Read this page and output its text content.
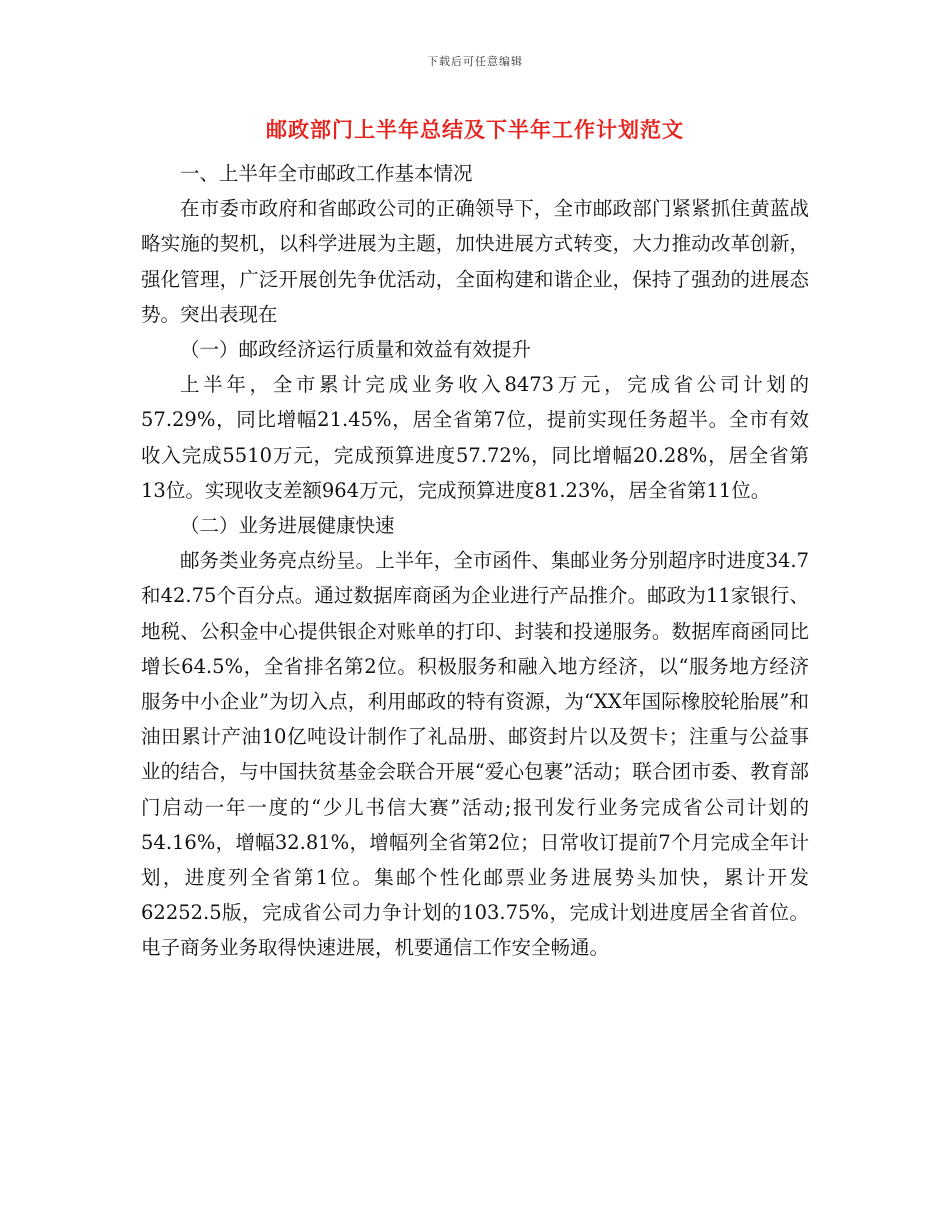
下载后可任意编辑
邮政部门上半年总结及下半年工作计划范文

一、上半年全市邮政工作基本情况

在市委市政府和省邮政公司的正确领导下，全市邮政部门紧紧抓住黄蓝战略实施的契机，以科学进展为主题，加快进展方式转变，大力推动改革创新，强化管理，广泛开展创先争优活动，全面构建和谐企业，保持了强劲的进展态势。突出表现在

（一）邮政经济运行质量和效益有效提升

上半年，全市累计完成业务收入8473万元，完成省公司计划的57.29%，同比增幅21.45%，居全省第7位，提前实现任务超半。全市有效收入完成5510万元，完成预算进度57.72%，同比增幅20.28%，居全省第13位。实现收支差额964万元，完成预算进度81.23%，居全省第11位。

（二）业务进展健康快速

邮务类业务亮点纷呈。上半年，全市函件、集邮业务分别超序时进度34.7和42.75个百分点。通过数据库商函为企业进行产品推介。邮政为11家银行、地税、公积金中心提供银企对账单的打印、封装和投递服务。数据库商函同比增长64.5%，全省排名第2位。积极服务和融入地方经济，以“服务地方经济服务中小企业”为切入点，利用邮政的特有资源，为“XX年国际橡胶轮胎展”和油田累计产油10亿吨设计制作了礼品册、邮资封片以及贺卡；注重与公益事业的结合，与中国扶贫基金会联合开展“爱心包裹”活动；联合团市委、教育部门启动一年一度的“少儿书信大赛”活动;报刊发行业务完成省公司计划的54.16%，增幅32.81%，增幅列全省第2位；日常收订提前7个月完成全年计划，进度列全省第1位。集邮个性化邮票业务进展势头加快，累计开发62252.5版，完成省公司力争计划的103.75%，完成计划进度居全省首位。电子商务业务取得快速进展，机要通信工作安全畅通。
